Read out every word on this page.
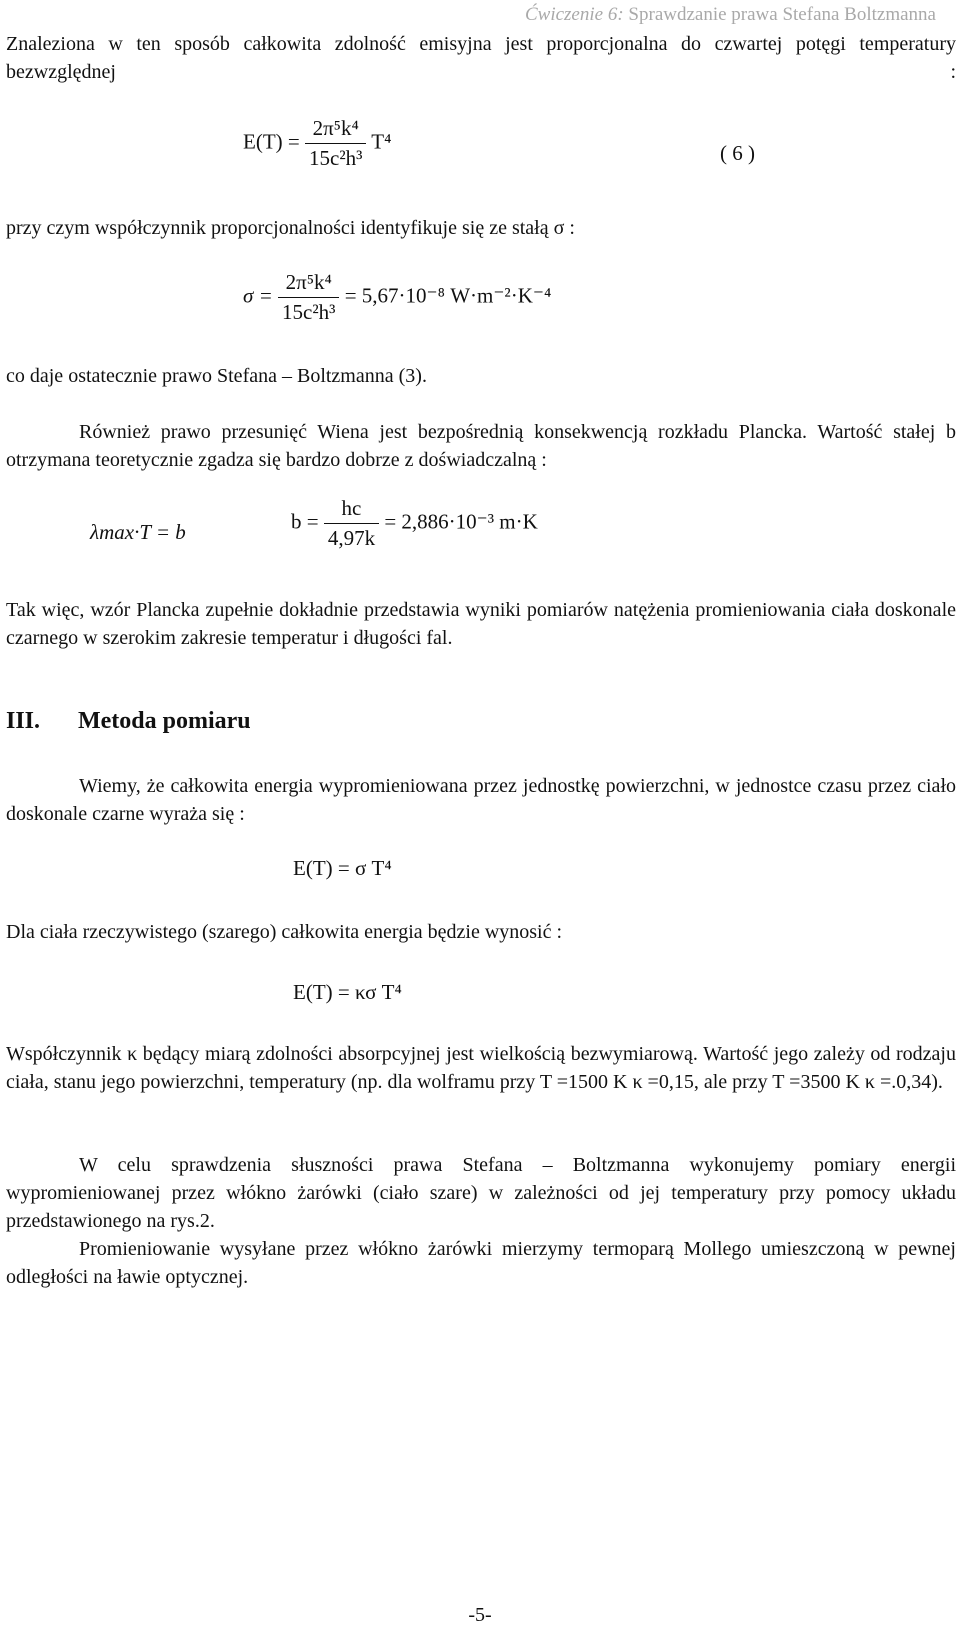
Ćwiczenie 6: Sprawdzanie prawa Stefana Boltzmanna
Znaleziona w ten sposób całkowita zdolność emisyjna jest proporcjonalna do czwartej potęgi temperatury bezwzględnej :
$E(T) = \frac{\text{2π⁵k⁴}}{\text{15c²h³}} T^4$	( 6 )
przy czym współczynnik proporcjonalności identyfikuje się ze stałą σ :
$\sigma = \frac{\text{2π⁵k⁴}}{\text{15c²h³}} = 5,67\cdot 10^{-8}$ W·m⁻²·K⁻⁴
co daje ostatecznie prawo Stefana – Boltzmanna (3).
Również prawo przesunięć Wiena jest bezpośrednią konsekwencją rozkładu Plancka. Wartość stałej b otrzymana teoretycznie zgadza się bardzo dobrze z doświadczalną :
λmax·T = b	$b = \frac{hc}{4,97k} = 2,886\cdot 10^{-3}$ m·K
Tak więc, wzór Plancka zupełnie dokładnie przedstawia wyniki pomiarów natężenia promieniowania ciała doskonale czarnego w szerokim zakresie temperatur i długości fal.
III. Metoda pomiaru
Wiemy, że całkowita energia wypromieniowana przez jednostkę powierzchni, w jednostce czasu przez ciało doskonale czarne wyraża się :
E(T) = σ T⁴
Dla ciała rzeczywistego (szarego) całkowita energia będzie wynosić :
E(T) = κσ T⁴
Współczynnik κ będący miarą zdolności absorpcyjnej jest wielkością bezwymiarową. Wartość jego zależy od rodzaju ciała, stanu jego powierzchni, temperatury (np. dla wolframu przy T =1500 K κ =0,15, ale przy T =3500 K κ =.0,34).
W celu sprawdzenia słuszności prawa Stefana – Boltzmanna wykonujemy pomiary energii wypromieniowanej przez włókno żarówki (ciało szare) w zależności od jej temperatury przy pomocy układu przedstawionego na rys.2.
Promieniowanie wysyłane przez włókno żarówki mierzymy termoparą Mollego umieszczoną w pewnej odległości na ławie optycznej.
-5-
